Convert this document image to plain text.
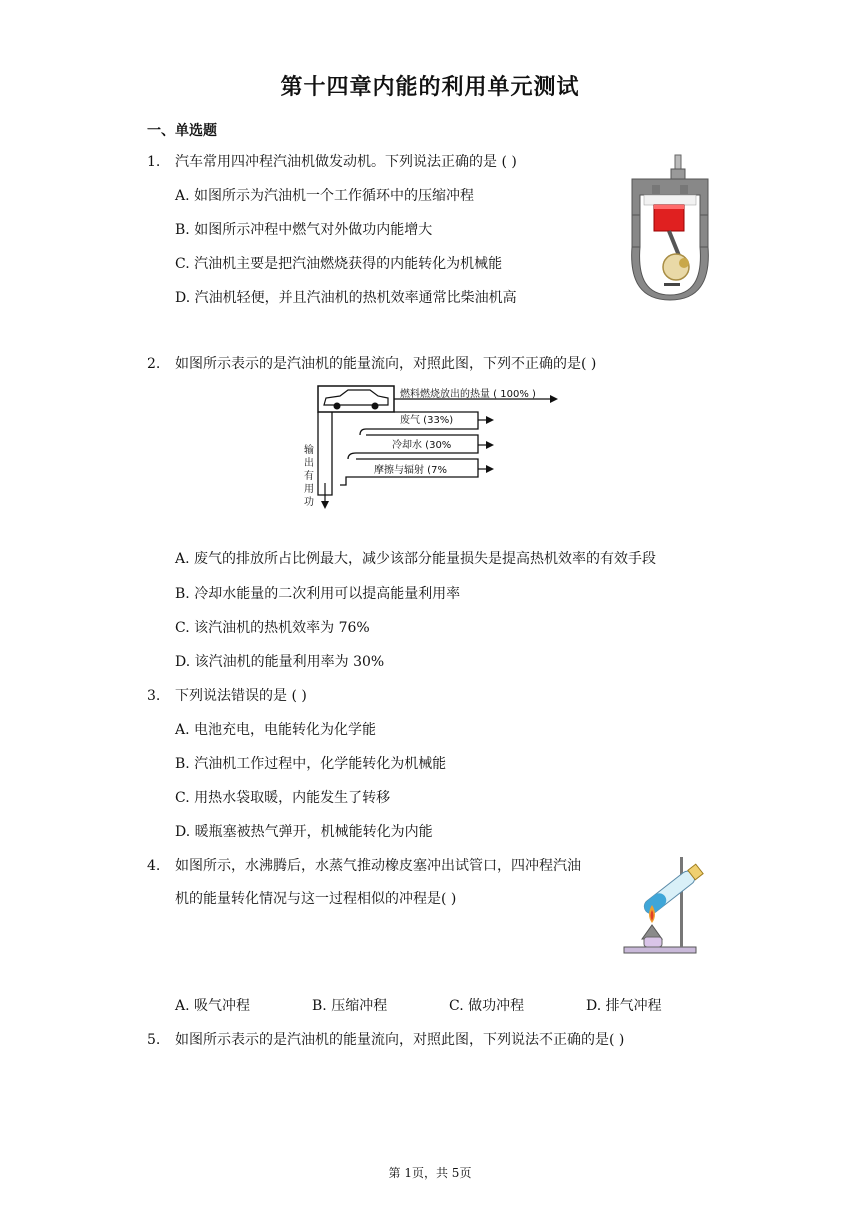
第十四章内能的利用单元测试
一、单选题
1. 汽车常用四冲程汽油机做发动机。下列说法正确的是 ( )
A. 如图所示为汽油机一个工作循环中的压缩冲程
B. 如图所示冲程中燃气对外做功内能增大
C. 汽油机主要是把汽油燃烧获得的内能转化为机械能
D. 汽油机轻便，并且汽油机的热机效率通常比柴油机高
2. 如图所示表示的是汽油机的能量流向，对照此图，下列不正确的是( )
燃料燃烧放出的热量 ( 100% )
废气 (33%)
冷却水 (30%
摩擦与辐射 (7%
输
出
有
用
功
A. 废气的排放所占比例最大，减少该部分能量损失是提高热机效率的有效手段
B. 冷却水能量的二次利用可以提高能量利用率
C. 该汽油机的热机效率为 76%
D. 该汽油机的能量利用率为 30%
3. 下列说法错误的是 ( )
A. 电池充电，电能转化为化学能
B. 汽油机工作过程中，化学能转化为机械能
C. 用热水袋取暖，内能发生了转移
D. 暖瓶塞被热气弹开，机械能转化为内能
4. 如图所示，水沸腾后，水蒸气推动橡皮塞冲出试管口，四冲程汽油
机的能量转化情况与这一过程相似的冲程是( )
A. 吸气冲程	B. 压缩冲程	C. 做功冲程	D. 排气冲程
5. 如图所示表示的是汽油机的能量流向，对照此图，下列说法不正确的是( )
第 1页，共 5页
